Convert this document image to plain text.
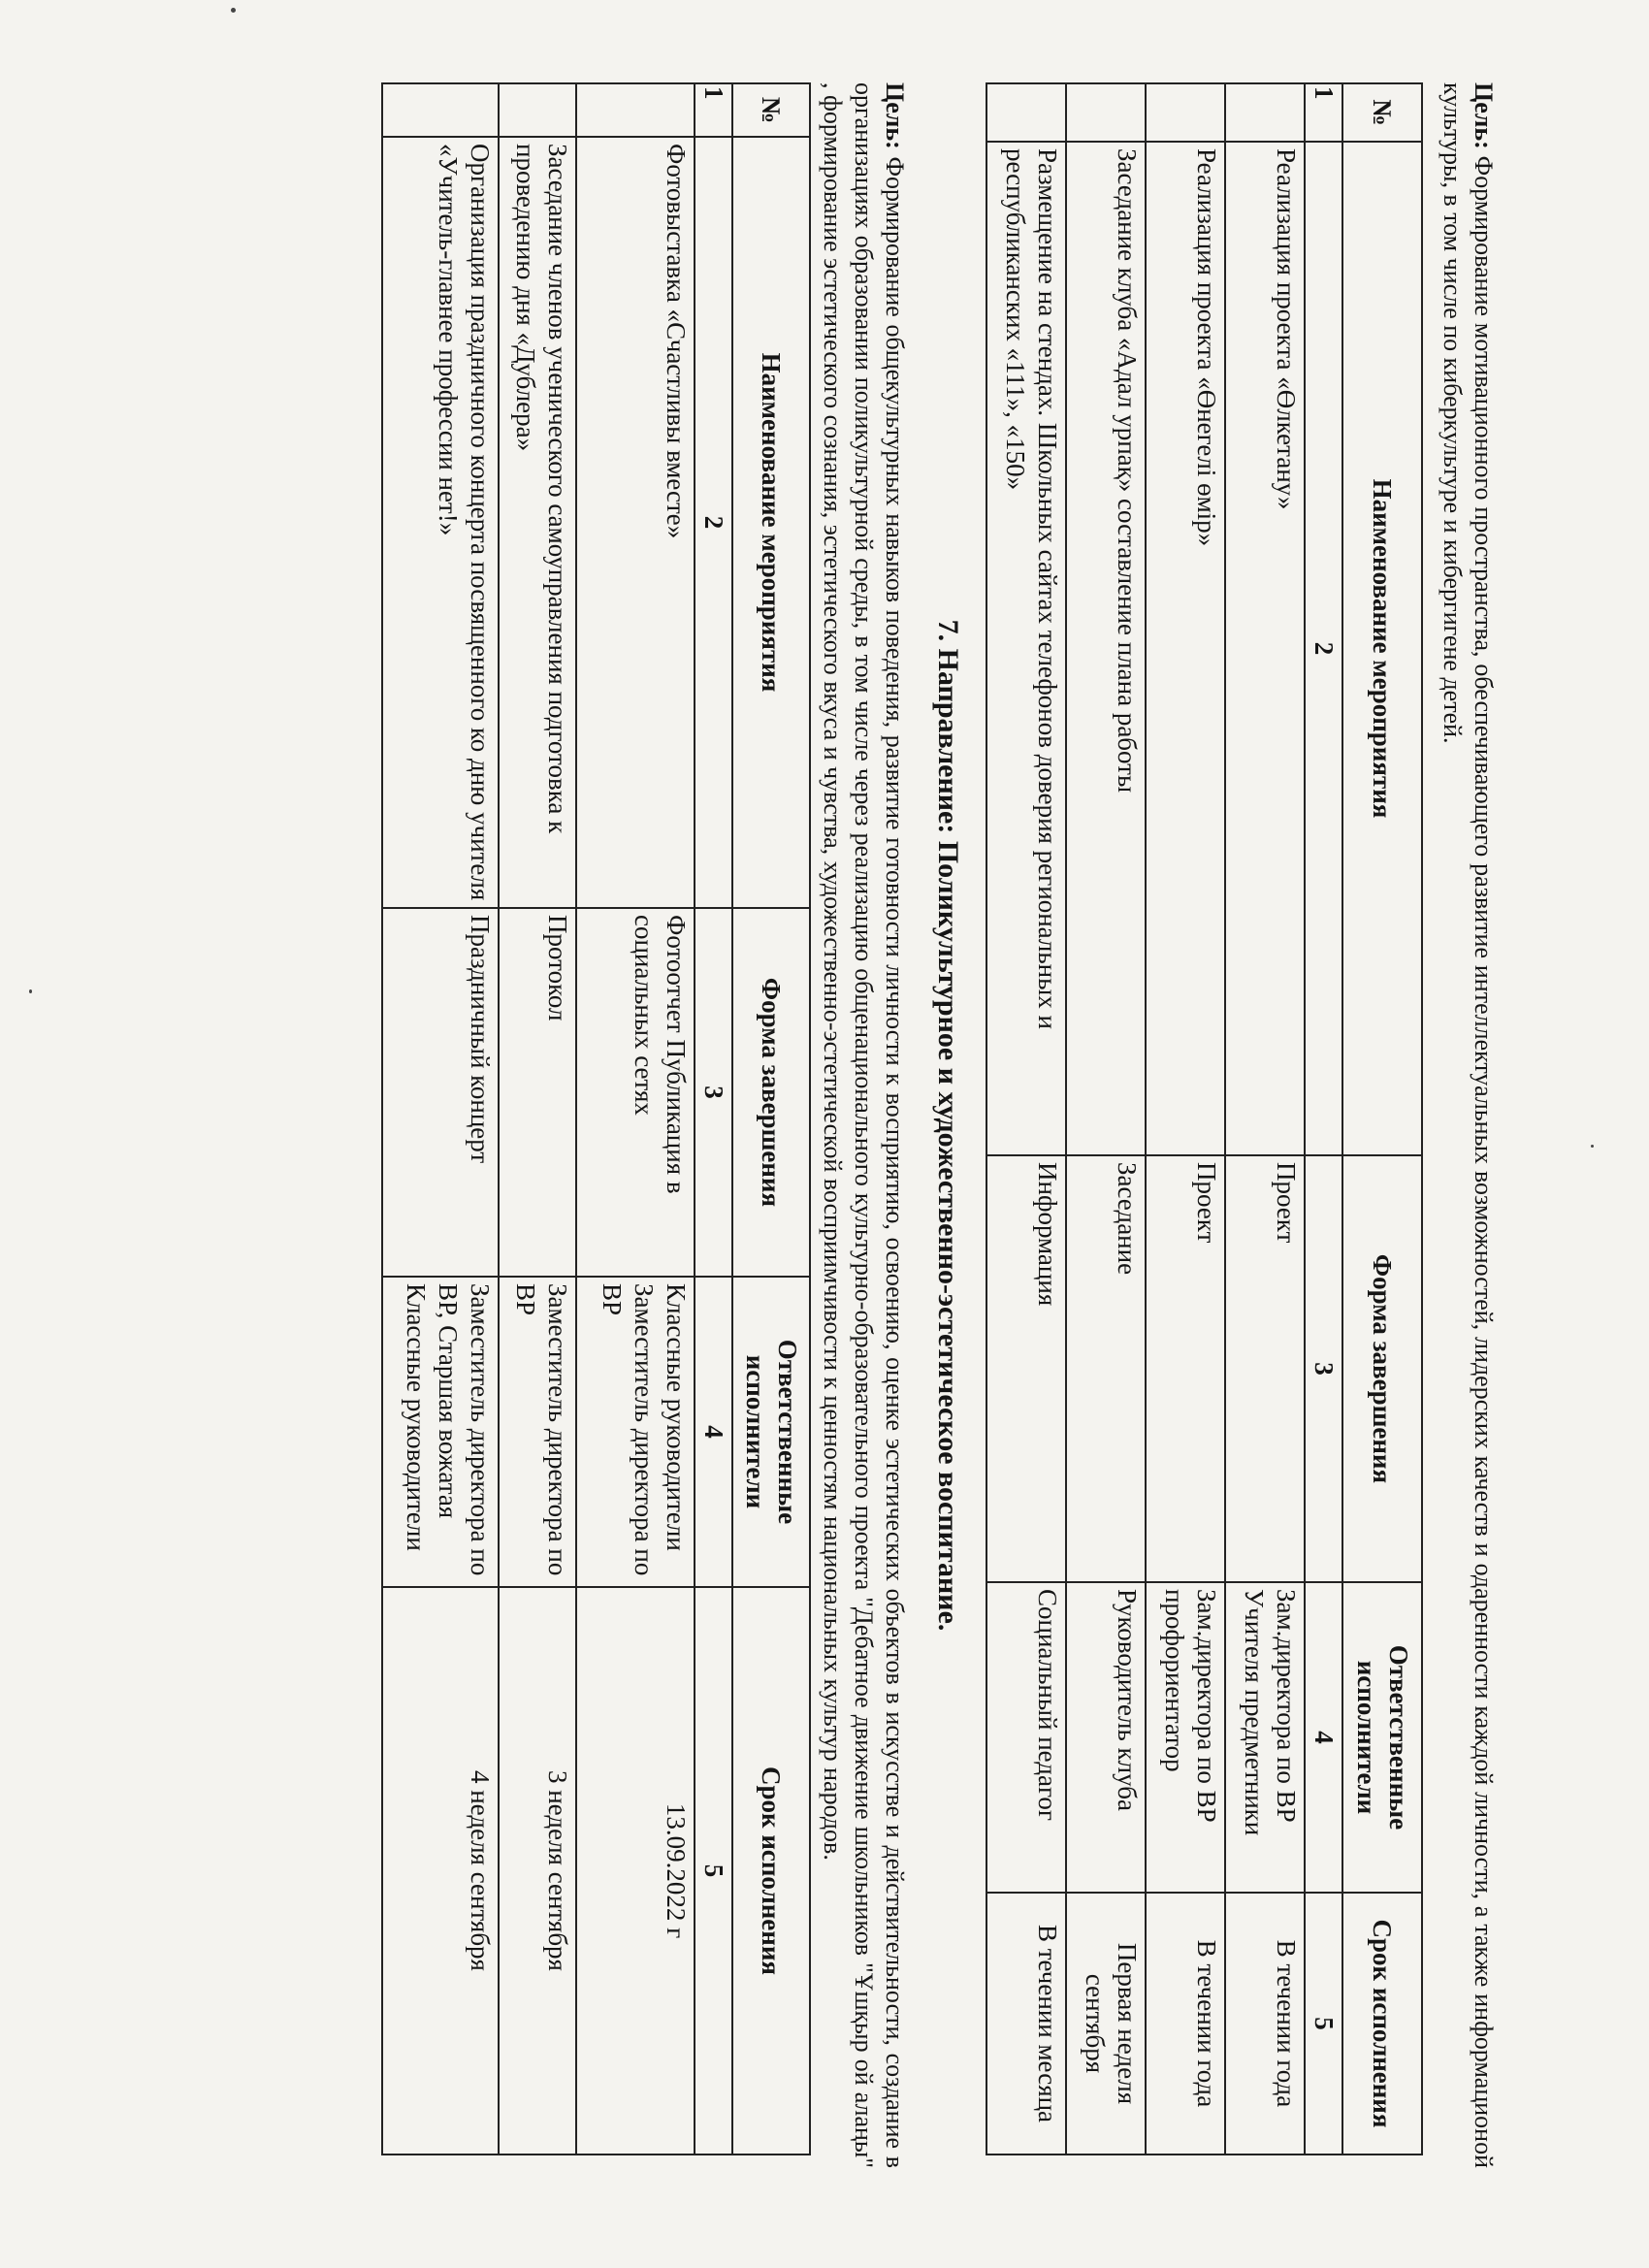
Цель: Формирование мотивационного пространства, обеспечивающего развитие интеллектуальных возможностей, лидерских качеств и одаренности каждой личности, а также информационой культуры, в том числе по киберкультуре и кибергигене детей.

№	Наименование мероприятия	Форма завершения	Ответственные исполнители	Срок исполнения
1	2	3	4	5
	Реализация проекта «Өлкетану»	Проект	Зам.директора по ВР Учителя предметники	В течении года
	Реализация проекта «Өнегелі өмір»	Проект	Зам.директора по ВР профориентатор	В течении года
	Заседание клуба «Адал урпақ» составление плана работы	Заседание	Руководитель клуба	Первая неделя сентября
	Размещение на стендах. Школьных сайтах телефонов доверия региональных и республиканских «111», «150»	Информация	Социальный педагог	В течении месяца
7. Направление: Поликультурное и художественно-эстетическое воспитание.

Цель: Формирование общекультурных навыков поведения, развитие готовности личности к восприятию, освоению, оценке эстетических объектов в искусстве и действительности, создание в организациях образовании поликультурной среды, в том числе через реализацию общенационального культурно-образовательного проекта "Дебатное движение школьников "Ұшқыр ой алаңы" , формирование эстетического сознания, эстетического вкуса и чувства, художественно-эстетической восприимчивости к ценностям национальных культур народов.

№	Наименование мероприятия	Форма завершения	Ответственные исполнители	Срок исполнения
1	2	3	4	5
	Фотовыставка «Счастливы вместе»	Фотоотчет Публикация в социальных сетях	Классные руководители Заместитель директора по ВР	13.09.2022 г
	Заседание членов ученического самоуправления подготовка к проведению дня «Дублера»	Протокол	Заместитель директора по ВР	3 неделя сентября
	Организация праздничного концерта посвященного ко дню учителя «Учитель-главнее профессии нет!»	Праздничный концерт	Заместитель директора по ВР, Старшая вожатая Классные руководители	4 неделя сентября
